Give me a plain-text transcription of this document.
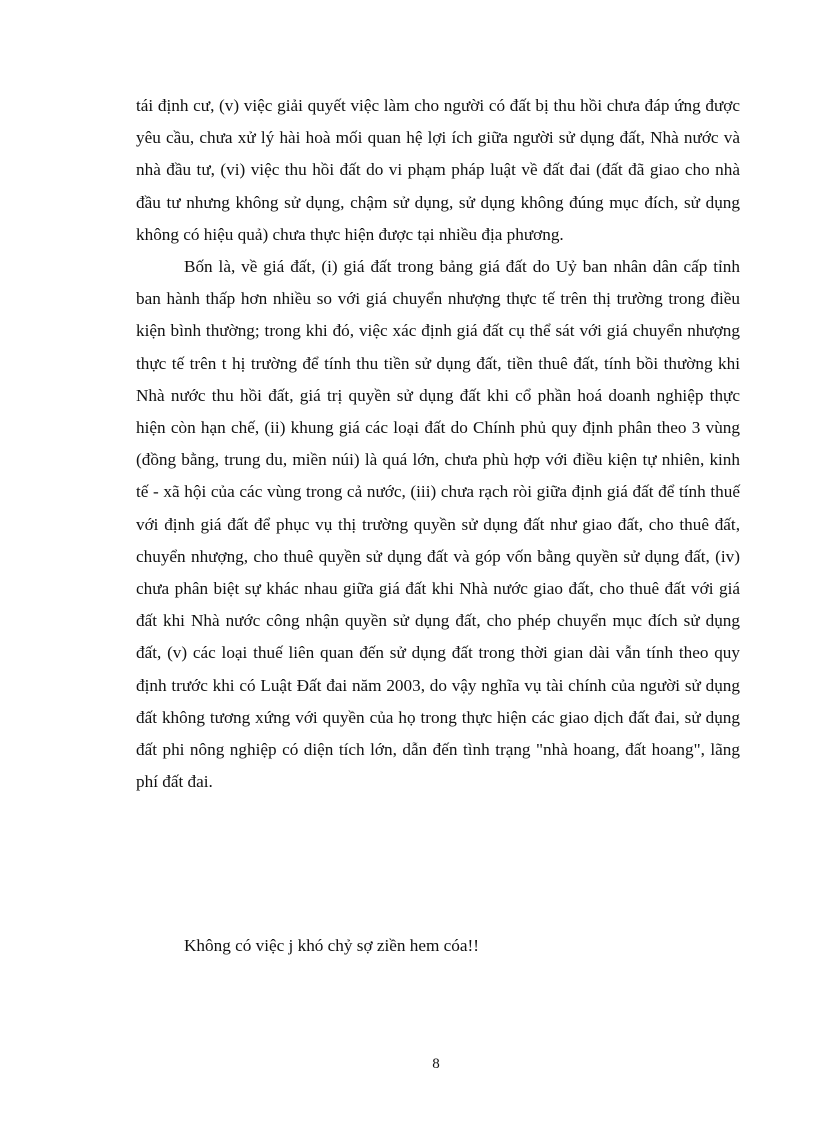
tái định cư, (v) việc giải quyết việc làm cho người có đất bị thu hồi chưa đáp ứng được yêu cầu, chưa xử lý hài hoà mối quan hệ lợi ích giữa người sử dụng đất, Nhà nước và nhà đầu tư, (vi) việc thu hồi đất do vi phạm pháp luật về đất đai (đất đã giao cho nhà đầu tư nhưng không sử dụng, chậm sử dụng, sử dụng không đúng mục đích, sử dụng không có hiệu quả) chưa thực hiện được tại nhiều địa phương.

Bốn là, về giá đất, (i) giá đất trong bảng giá đất do Uỷ ban nhân dân cấp tỉnh ban hành thấp hơn nhiều so với giá chuyển nhượng thực tế trên thị trường trong điều kiện bình thường; trong khi đó, việc xác định giá đất cụ thể sát với giá chuyển nhượng thực tế trên t hị trường để tính thu tiền sử dụng đất, tiền thuê đất, tính bồi thường khi Nhà nước thu hồi đất, giá trị quyền sử dụng đất khi cổ phần hoá doanh nghiệp thực hiện còn hạn chế, (ii) khung giá các loại đất do Chính phủ quy định phân theo 3 vùng (đồng bằng, trung du, miền núi) là quá lớn, chưa phù hợp với điều kiện tự nhiên, kinh tế - xã hội của các vùng trong cả nước, (iii) chưa rạch ròi giữa định giá đất để tính thuế với định giá đất để phục vụ thị trường quyền sử dụng đất như giao đất, cho thuê đất, chuyển nhượng, cho thuê quyền sử dụng đất và góp vốn bằng quyền sử dụng đất, (iv) chưa phân biệt sự khác nhau giữa giá đất khi Nhà nước giao đất, cho thuê đất với giá đất khi Nhà nước công nhận quyền sử dụng đất, cho phép chuyển mục đích sử dụng đất, (v) các loại thuế liên quan đến sử dụng đất trong thời gian dài vẫn tính theo quy định trước khi có Luật Đất đai năm 2003, do vậy nghĩa vụ tài chính của người sử dụng đất không tương xứng với quyền của họ trong thực hiện các giao dịch đất đai, sử dụng đất phi nông nghiệp có diện tích lớn, dẫn đến tình trạng "nhà hoang, đất hoang", lãng phí đất đai.

Không có việc j khó chỷ sợ ziền hem cóa!!
8
